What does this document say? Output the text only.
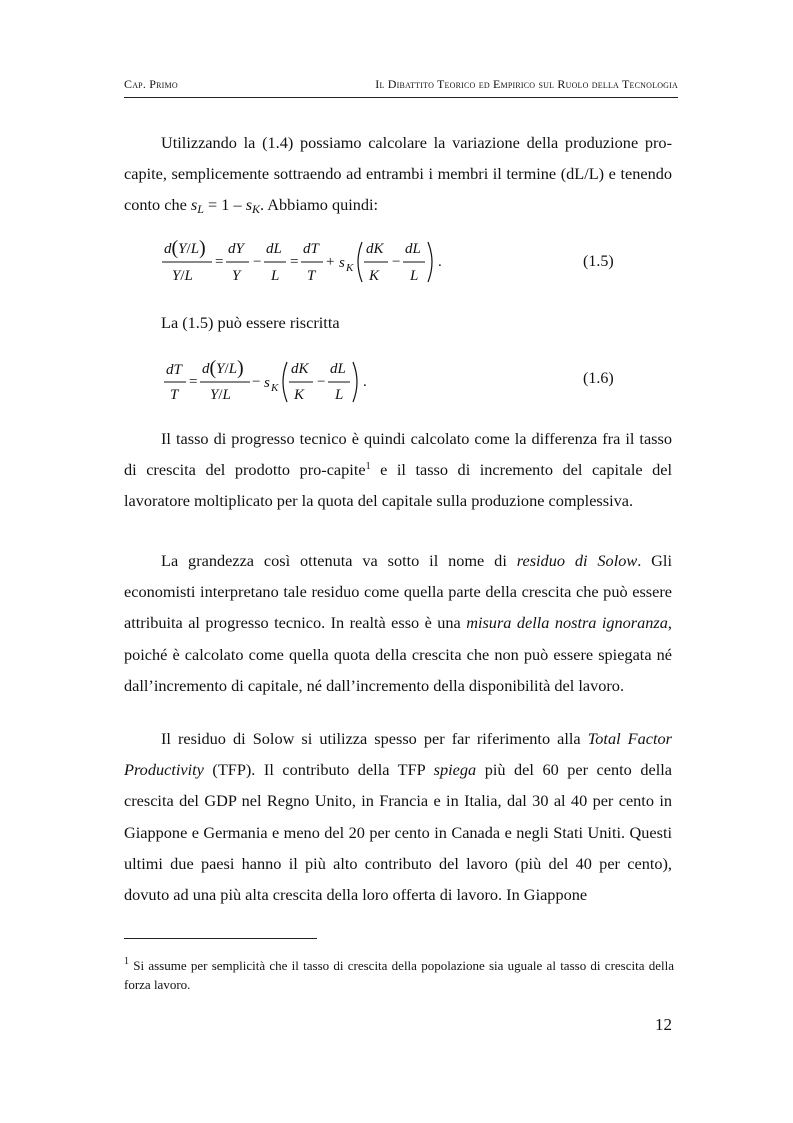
Cap. Primo	Il Dibattito Teorico ed Empirico sul Ruolo della Tecnologia

Utilizzando la (1.4) possiamo calcolare la variazione della produzione pro-capite, semplicemente sottraendo ad entrambi i membri il termine (dL/L) e tenendo conto che $s_L = 1 - s_K$. Abbiamo quindi:

d(Y/L)
Y/L
=
dY
Y
−
dL
L
=
dT
T
+ s K
dK
K
−
dL
L
.	(1.5)

La (1.5) può essere riscritta

dT
T
=
d(Y/L)
Y/L
− s K
dK
K
−
dL
L
.	(1.6)

Il tasso di progresso tecnico è quindi calcolato come la differenza fra il tasso di crescita del prodotto pro-capite$^1$ e il tasso di incremento del capitale del lavoratore moltiplicato per la quota del capitale sulla produzione complessiva.

La grandezza così ottenuta va sotto il nome di residuo di Solow. Gli economisti interpretano tale residuo come quella parte della crescita che può essere attribuita al progresso tecnico. In realtà esso è una misura della nostra ignoranza, poiché è calcolato come quella quota della crescita che non può essere spiegata né dall’incremento di capitale, né dall’incremento della disponibilità del lavoro.

Il residuo di Solow si utilizza spesso per far riferimento alla Total Factor Productivity (TFP). Il contributo della TFP spiega più del 60 per cento della crescita del GDP nel Regno Unito, in Francia e in Italia, dal 30 al 40 per cento in Giappone e Germania e meno del 20 per cento in Canada e negli Stati Uniti. Questi ultimi due paesi hanno il più alto contributo del lavoro (più del 40 per cento), dovuto ad una più alta crescita della loro offerta di lavoro. In Giappone

$^1$ Si assume per semplicità che il tasso di crescita della popolazione sia uguale al tasso di crescita della forza lavoro.

12
